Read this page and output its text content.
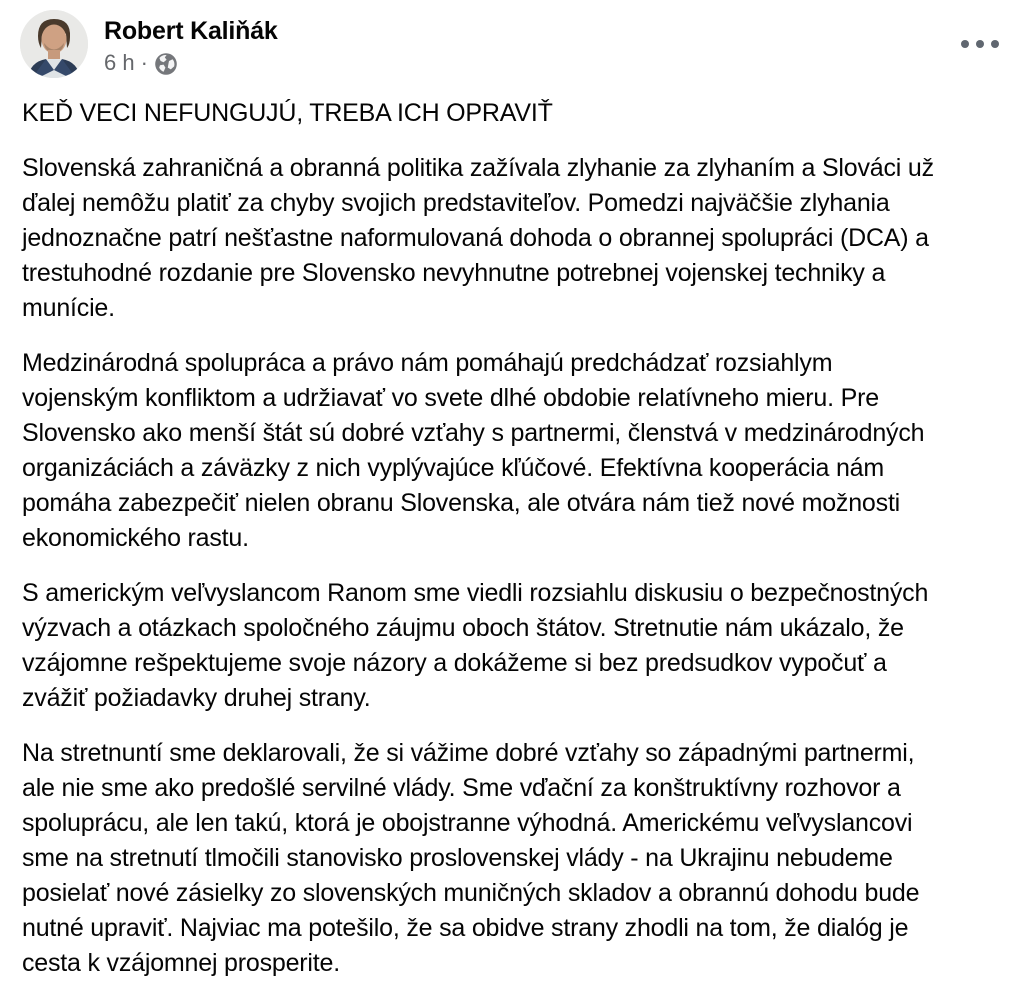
Robert Kaliňák
6 h ·
KEĎ VECI NEFUNGUJÚ, TREBA ICH OPRAVIŤ
Slovenská zahraničná a obranná politika zažívala zlyhanie za zlyhaním a Slováci už
ďalej nemôžu platiť za chyby svojich predstaviteľov. Pomedzi najväčšie zlyhania
jednoznačne patrí nešťastne naformulovaná dohoda o obrannej spolupráci (DCA) a
trestuhodné rozdanie pre Slovensko nevyhnutne potrebnej vojenskej techniky a
munície.
Medzinárodná spolupráca a právo nám pomáhajú predchádzať rozsiahlym
vojenským konfliktom a udržiavať vo svete dlhé obdobie relatívneho mieru. Pre
Slovensko ako menší štát sú dobré vzťahy s partnermi, členstvá v medzinárodných
organizáciách a záväzky z nich vyplývajúce kľúčové. Efektívna kooperácia nám
pomáha zabezpečiť nielen obranu Slovenska, ale otvára nám tiež nové možnosti
ekonomického rastu.
S americkým veľvyslancom Ranom sme viedli rozsiahlu diskusiu o bezpečnostných
výzvach a otázkach spoločného záujmu oboch štátov. Stretnutie nám ukázalo, že
vzájomne rešpektujeme svoje názory a dokážeme si bez predsudkov vypočuť a
zvážiť požiadavky druhej strany.
Na stretnuntí sme deklarovali, že si vážime dobré vzťahy so západnými partnermi,
ale nie sme ako predošlé servilné vlády. Sme vďační za konštruktívny rozhovor a
spoluprácu, ale len takú, ktorá je obojstranne výhodná. Americkému veľvyslancovi
sme na stretnutí tlmočili stanovisko proslovenskej vlády - na Ukrajinu nebudeme
posielať nové zásielky zo slovenských muničných skladov a obrannú dohodu bude
nutné upraviť. Najviac ma potešilo, že sa obidve strany zhodli na tom, že dialóg je
cesta k vzájomnej prosperite.
